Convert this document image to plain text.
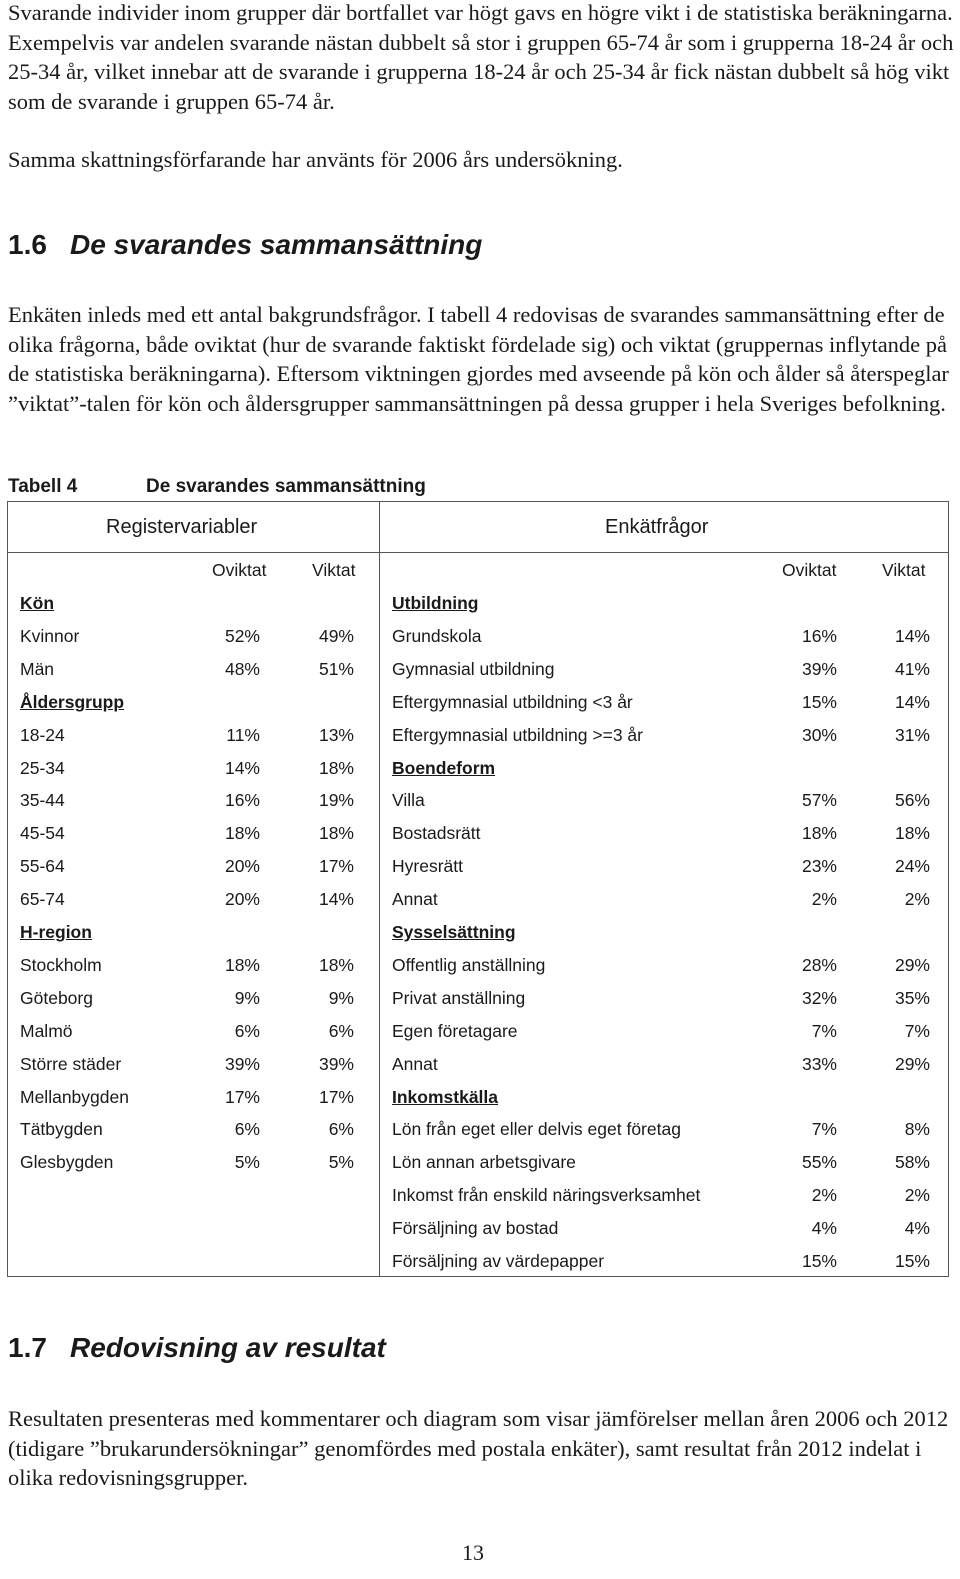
Svarande individer inom grupper där bortfallet var högt gavs en högre vikt i de statistiska beräkningarna. Exempelvis var andelen svarande nästan dubbelt så stor i gruppen 65-74 år som i grupperna 18-24 år och 25-34 år, vilket innebar att de svarande i grupperna 18-24 år och 25-34 år fick nästan dubbelt så hög vikt som de svarande i gruppen 65-74 år.

Samma skattningsförfarande har använts för 2006 års undersökning.

1.6 De svarandes sammansättning

Enkäten inleds med ett antal bakgrundsfrågor. I tabell 4 redovisas de svarandes sammansättning efter de olika frågorna, både oviktat (hur de svarande faktiskt fördelade sig) och viktat (gruppernas inflytande på de statistiska beräkningarna). Eftersom viktningen gjordes med avseende på kön och ålder så återspeglar ”viktat”-talen för kön och åldersgrupper sammansättningen på dessa grupper i hela Sveriges befolkning.

Tabell 4	De svarandes sammansättning
Registervariabler	Enkätfrågor
Oviktat	Viktat
Kön
Kvinnor	52%	49%
Män	48%	51%
Åldersgrupp
18-24	11%	13%
25-34	14%	18%
35-44	16%	19%
45-54	18%	18%
55-64	20%	17%
65-74	20%	14%
H-region
Stockholm	18%	18%
Göteborg	9%	9%
Malmö	6%	6%
Större städer	39%	39%
Mellanbygden	17%	17%
Tätbygden	6%	6%
Glesbygden	5%	5%
Oviktat	Viktat
Utbildning
Grundskola	16%	14%
Gymnasial utbildning	39%	41%
Eftergymnasial utbildning <3 år	15%	14%
Eftergymnasial utbildning >=3 år	30%	31%
Boendeform
Villa	57%	56%
Bostadsrätt	18%	18%
Hyresrätt	23%	24%
Annat	2%	2%
Sysselsättning
Offentlig anställning	28%	29%
Privat anställning	32%	35%
Egen företagare	7%	7%
Annat	33%	29%
Inkomstkälla
Lön från eget eller delvis eget företag	7%	8%
Lön annan arbetsgivare	55%	58%
Inkomst från enskild näringsverksamhet	2%	2%
Försäljning av bostad	4%	4%
Försäljning av värdepapper	15%	15%
1.7 Redovisning av resultat

Resultaten presenteras med kommentarer och diagram som visar jämförelser mellan åren 2006 och 2012 (tidigare ”brukarundersökningar” genomfördes med postala enkäter), samt resultat från 2012 indelat i olika redovisningsgrupper.

13
